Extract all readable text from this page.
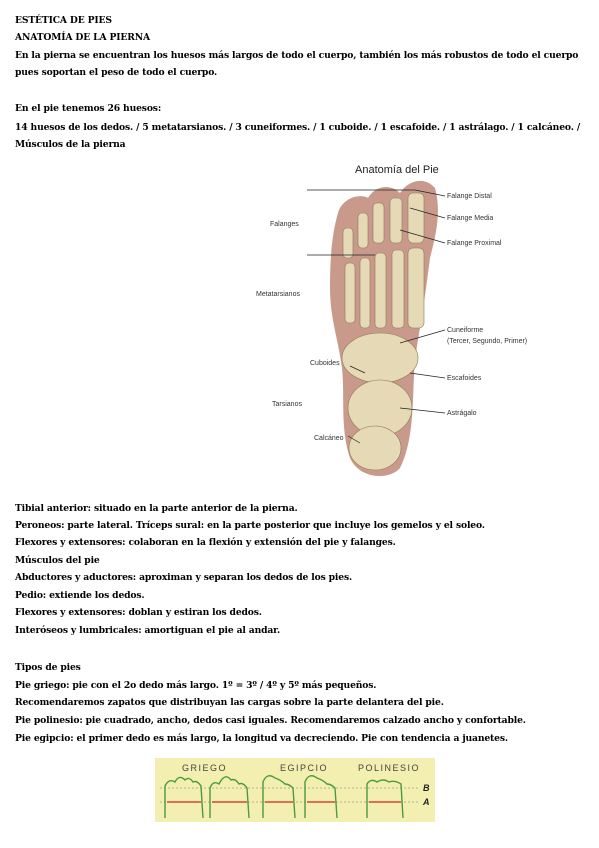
ESTÉTICA DE PIES
ANATOMÍA DE LA PIERNA
En la pierna se encuentran los huesos más largos de todo el cuerpo, también los más robustos de todo el cuerpo pues soportan el peso de todo el cuerpo.
En el pie tenemos 26 huesos:
14 huesos de los dedos. / 5 metatarsianos. / 3 cuneiformes. / 1 cuboide. / 1 escafoide. / 1 astrálago. / 1 calcáneo. / Músculos de la pierna
Anatomía del Pie
Falanges
Metatarsianos
Cuboides
Tarsianos
Calcáneo
Falange Distal
Falange Media
Falange Proximal
Cuneiforme
(Tercer, Segundo, Primer)
Escafoides
Astrágalo
Tibial anterior: situado en la parte anterior de la pierna.
Peroneos: parte lateral. Tríceps sural: en la parte posterior que incluye los gemelos y el soleo.
Flexores y extensores: colaboran en la flexión y extensión del pie y falanges.
Músculos del pie
Abductores y aductores: aproximan y separan los dedos de los pies.
Pedio: extiende los dedos.
Flexores y extensores: doblan y estiran los dedos.
Interóseos y lumbricales: amortiguan el pie al andar.
Tipos de pies
Pie griego: pie con el 2o dedo más largo. 1º = 3º / 4º y 5º más pequeños.
Recomendaremos zapatos que distribuyan las cargas sobre la parte delantera del pie.
Pie polinesio: pie cuadrado, ancho, dedos casi iguales. Recomendaremos calzado ancho y confortable.
Pie egipcio: el primer dedo es más largo, la longitud va decreciendo. Pie con tendencia a juanetes.
GRIEGO	EGIPCIO	POLINESIO
B
A
